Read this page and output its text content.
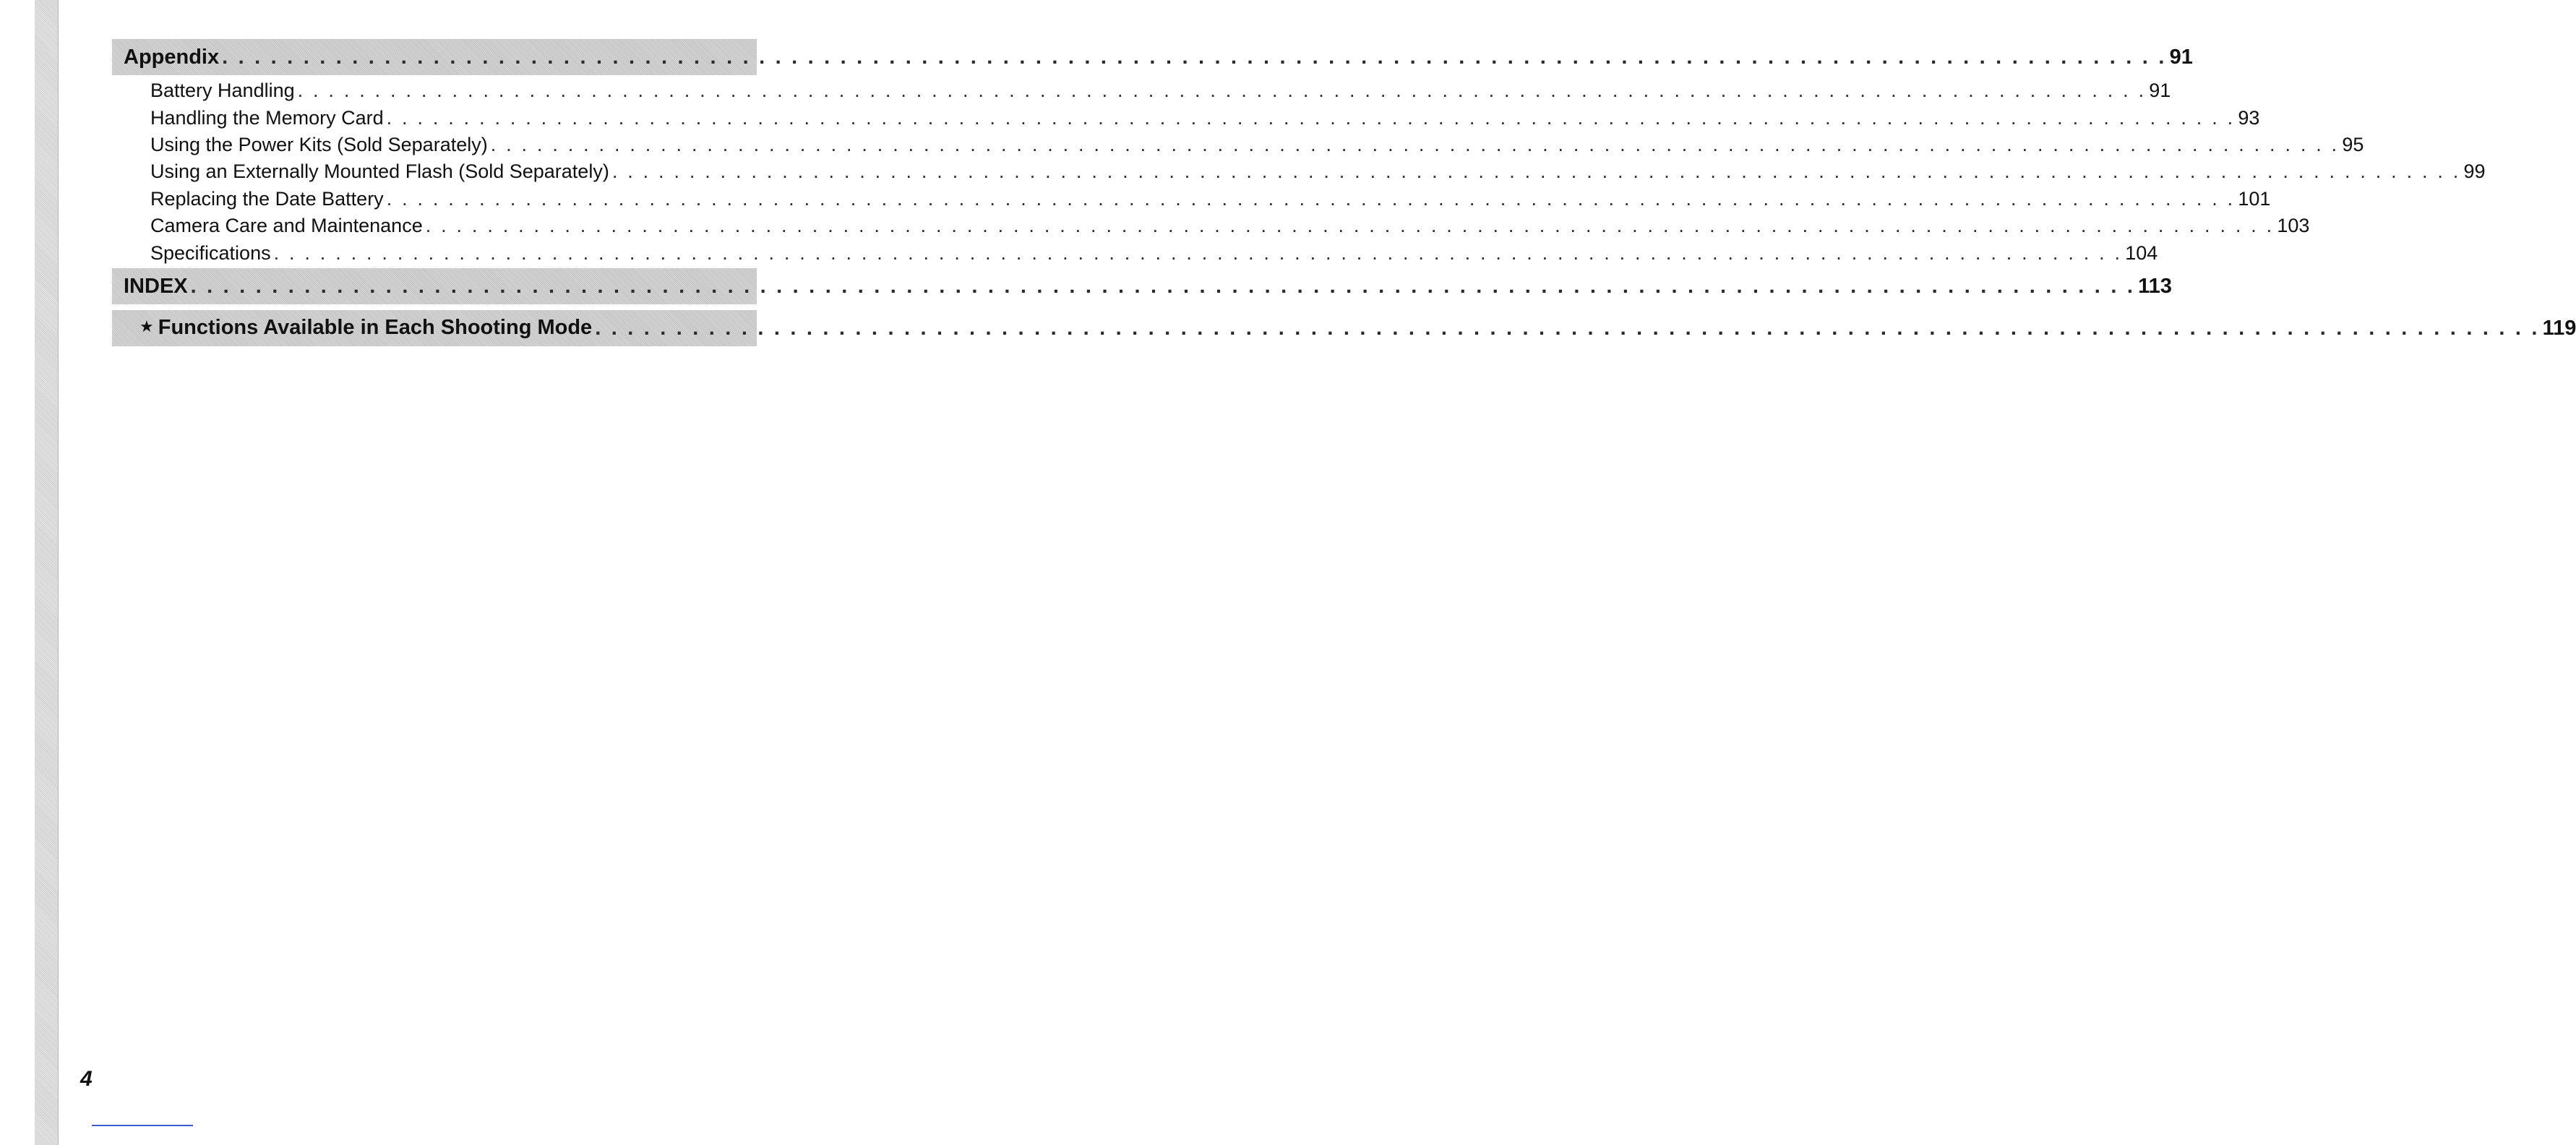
Appendix . . . . . . . . . . . . . . . . . . . . . . . . . . . . . . . . . . . . . . . . . . . . . . . . . . . . . . . . . . . . . . . . . . . . . . . . . . . . . . . . . . . . . . . . . . . . . . . . . . . . . . . . . . . . . . . . . . . . . . . . 91
Battery Handling . . . . . . . . . . . . . . . . . . . . . . . . . . . . . . . . . . . . . . . . . . . . . . . . . . . . . . . . . . . . . . . . . . . . . . . . . . . . . . . . . . . . . . . . . . . . . . . . . . . . . . . . . . . . . . . . . . . . . . . . 91
Handling the Memory Card . . . . . . . . . . . . . . . . . . . . . . . . . . . . . . . . . . . . . . . . . . . . . . . . . . . . . . . . . . . . . . . . . . . . . . . . . . . . . . . . . . . . . . . . . . . . . . . . . . . . . . . . . . . . . . . . . . . . . . . . 93
Using the Power Kits (Sold Separately) . . . . . . . . . . . . . . . . . . . . . . . . . . . . . . . . . . . . . . . . . . . . . . . . . . . . . . . . . . . . . . . . . . . . . . . . . . . . . . . . . . . . . . . . . . . . . . . . . . . . . . . . . . . . . . . . . . . . . . . . 95
Using an Externally Mounted Flash (Sold Separately) . . . . . . . . . . . . . . . . . . . . . . . . . . . . . . . . . . . . . . . . . . . . . . . . . . . . . . . . . . . . . . . . . . . . . . . . . . . . . . . . . . . . . . . . . . . . . . . . . . . . . . . . . . . . . . . . . . . . . . . . 99
Replacing the Date Battery . . . . . . . . . . . . . . . . . . . . . . . . . . . . . . . . . . . . . . . . . . . . . . . . . . . . . . . . . . . . . . . . . . . . . . . . . . . . . . . . . . . . . . . . . . . . . . . . . . . . . . . . . . . . . . . . . . . . . . . . 101
Camera Care and Maintenance . . . . . . . . . . . . . . . . . . . . . . . . . . . . . . . . . . . . . . . . . . . . . . . . . . . . . . . . . . . . . . . . . . . . . . . . . . . . . . . . . . . . . . . . . . . . . . . . . . . . . . . . . . . . . . . . . . . . . . . . 103
Specifications . . . . . . . . . . . . . . . . . . . . . . . . . . . . . . . . . . . . . . . . . . . . . . . . . . . . . . . . . . . . . . . . . . . . . . . . . . . . . . . . . . . . . . . . . . . . . . . . . . . . . . . . . . . . . . . . . . . . . . . . 104
INDEX . . . . . . . . . . . . . . . . . . . . . . . . . . . . . . . . . . . . . . . . . . . . . . . . . . . . . . . . . . . . . . . . . . . . . . . . . . . . . . . . . . . . . . . . . . . . . . . . . . . . . . . . . . . . . . . . . . . . . . . . 113
★ Functions Available in Each Shooting Mode . . . . . . . . . . . . . . . . . . . . . . . . . . . . . . . . . . . . . . . . . . . . . . . . . . . . . . . . . . . . . . . . . . . . . . . . . . . . . . . . . . . . . . . . . . . . . . . . . . . . . . . . . . . . . . . . . . . . . . . . 119
4
